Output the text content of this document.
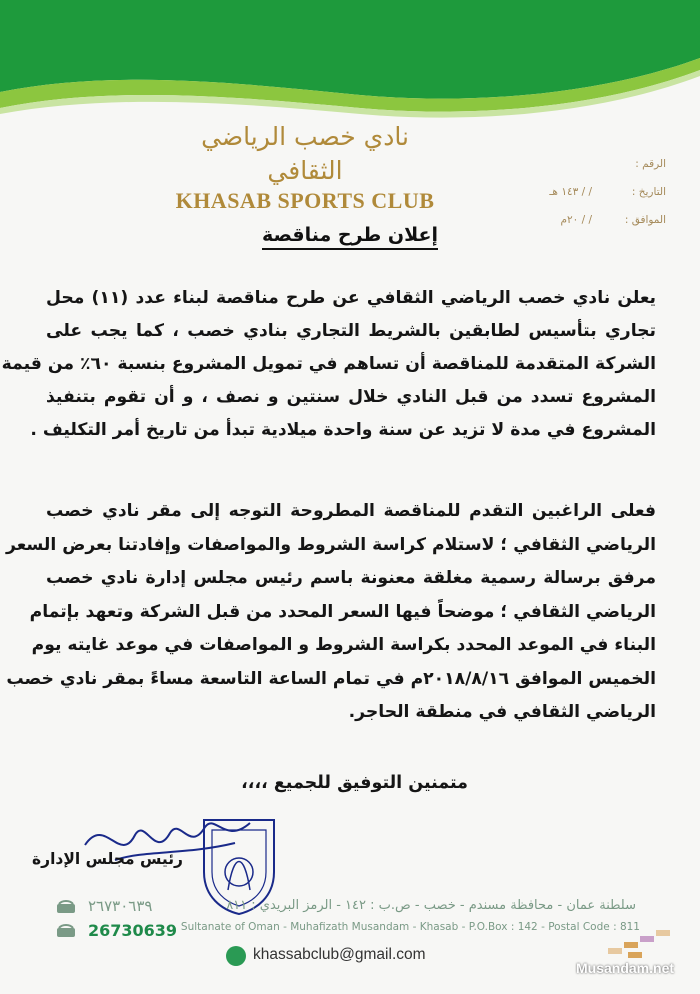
نادي خصب الرياضي الثقافي
KHASAB SPORTS CLUB
الرقم :
التاريخ :
/ / ١٤٣ هـ
الموافق :
/ / ٢٠م
إعلان طرح مناقصة
يعلن نادي خصب الرياضي الثقافي عن طرح مناقصة لبناء عدد (١١) محل
تجاري بتأسيس لطابقين بالشريط التجاري بنادي خصب ، كما يجب على
الشركة المتقدمة للمناقصة أن تساهم في تمويل المشروع بنسبة ٦٠٪ من قيمة
المشروع تسدد من قبل النادي خلال سنتين و نصف ، و أن تقوم بتنفيذ
المشروع في مدة لا تزيد عن سنة واحدة ميلادية تبدأ من تاريخ أمر التكليف .
فعلى الراغبين التقدم للمناقصة المطروحة التوجه إلى مقر نادي خصب
الرياضي الثقافي ؛ لاستلام كراسة الشروط والمواصفات وإفادتنا بعرض السعر
مرفق برسالة رسمية مغلقة معنونة باسم رئيس مجلس إدارة نادي خصب
الرياضي الثقافي ؛ موضحاً فيها السعر المحدد من قبل الشركة وتعهد بإتمام
البناء في الموعد المحدد بكراسة الشروط و المواصفات في موعد غايته يوم
الخميس الموافق ٢٠١٨/٨/١٦م في تمام الساعة التاسعة مساءً بمقر نادي خصب
الرياضي الثقافي في منطقة الحاجر.
متمنين التوفيق للجميع ،،،،
رئيس مجلس الإدارة
٢٦٧٣٠٦٣٩	سلطنة عمان - محافظة مسندم - خصب - ص.ب : ١٤٢ - الرمز البريدي : ٨١١
26730639 Sultanate of Oman - Muhafizath Musandam - Khasab - P.O.Box : 142 - Postal Code : 811
khassabclub@gmail.com
Musandam.net
